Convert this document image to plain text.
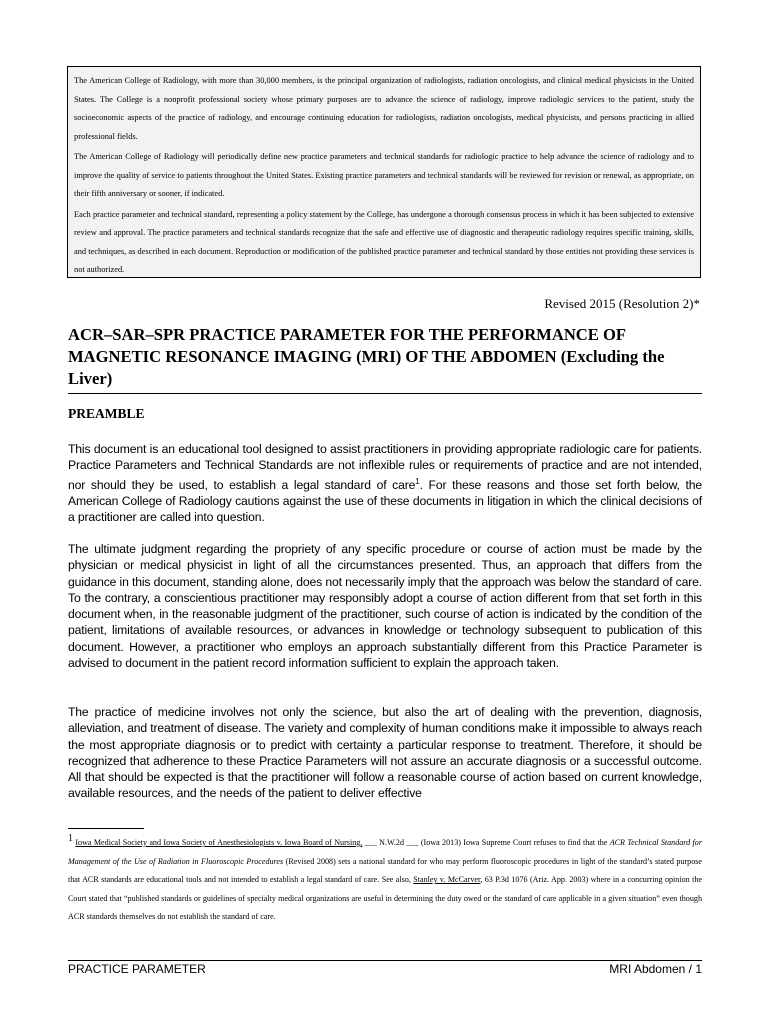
The American College of Radiology, with more than 30,000 members, is the principal organization of radiologists, radiation oncologists, and clinical medical physicists in the United States. The College is a nonprofit professional society whose primary purposes are to advance the science of radiology, improve radiologic services to the patient, study the socioeconomic aspects of the practice of radiology, and encourage continuing education for radiologists, radiation oncologists, medical physicists, and persons practicing in allied professional fields.

The American College of Radiology will periodically define new practice parameters and technical standards for radiologic practice to help advance the science of radiology and to improve the quality of service to patients throughout the United States. Existing practice parameters and technical standards will be reviewed for revision or renewal, as appropriate, on their fifth anniversary or sooner, if indicated.

Each practice parameter and technical standard, representing a policy statement by the College, has undergone a thorough consensus process in which it has been subjected to extensive review and approval. The practice parameters and technical standards recognize that the safe and effective use of diagnostic and therapeutic radiology requires specific training, skills, and techniques, as described in each document. Reproduction or modification of the published practice parameter and technical standard by those entities not providing these services is not authorized.

Revised 2015 (Resolution 2)*
ACR–SAR–SPR PRACTICE PARAMETER FOR THE PERFORMANCE OF MAGNETIC RESONANCE IMAGING (MRI) OF THE ABDOMEN (Excluding the Liver)
PREAMBLE

This document is an educational tool designed to assist practitioners in providing appropriate radiologic care for patients. Practice Parameters and Technical Standards are not inflexible rules or requirements of practice and are not intended, nor should they be used, to establish a legal standard of care$^1$. For these reasons and those set forth below, the American College of Radiology cautions against the use of these documents in litigation in which the clinical decisions of a practitioner are called into question.

The ultimate judgment regarding the propriety of any specific procedure or course of action must be made by the physician or medical physicist in light of all the circumstances presented. Thus, an approach that differs from the guidance in this document, standing alone, does not necessarily imply that the approach was below the standard of care. To the contrary, a conscientious practitioner may responsibly adopt a course of action different from that set forth in this document when, in the reasonable judgment of the practitioner, such course of action is indicated by the condition of the patient, limitations of available resources, or advances in knowledge or technology subsequent to publication of this document. However, a practitioner who employs an approach substantially different from this Practice Parameter is advised to document in the patient record information sufficient to explain the approach taken.

The practice of medicine involves not only the science, but also the art of dealing with the prevention, diagnosis, alleviation, and treatment of disease. The variety and complexity of human conditions make it impossible to always reach the most appropriate diagnosis or to predict with certainty a particular response to treatment. Therefore, it should be recognized that adherence to these Practice Parameters will not assure an accurate diagnosis or a successful outcome. All that should be expected is that the practitioner will follow a reasonable course of action based on current knowledge, available resources, and the needs of the patient to deliver effective

$^1$ Iowa Medical Society and Iowa Society of Anesthesiologists v. Iowa Board of Nursing, ___ N.W.2d ___ (Iowa 2013) Iowa Supreme Court refuses to find that the ACR Technical Standard for Management of the Use of Radiation in Fluoroscopic Procedures (Revised 2008) sets a national standard for who may perform fluoroscopic procedures in light of the standard’s stated purpose that ACR standards are educational tools and not intended to establish a legal standard of care. See also, Stanley v. McCarver, 63 P.3d 1076 (Ariz. App. 2003) where in a concurring opinion the Court stated that “published standards or guidelines of specialty medical organizations are useful in determining the duty owed or the standard of care applicable in a given situation” even though ACR standards themselves do not establish the standard of care.

PRACTICE PARAMETER	MRI Abdomen / 1
